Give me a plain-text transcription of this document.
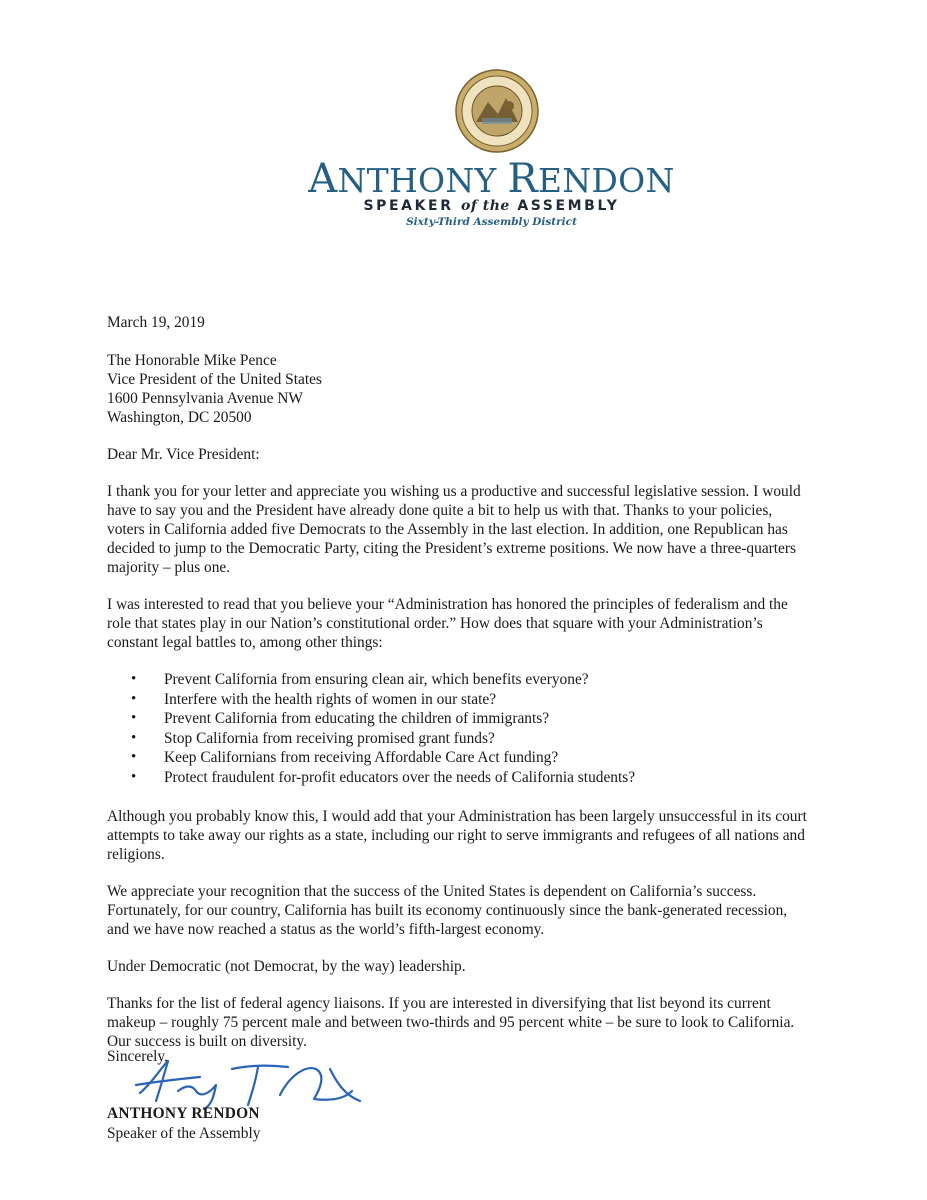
ANTHONY RENDON
SPEAKER of the ASSEMBLY
Sixty-Third Assembly District

March 19, 2019

The Honorable Mike Pence
Vice President of the United States
1600 Pennsylvania Avenue NW
Washington, DC 20500

Dear Mr. Vice President:

I thank you for your letter and appreciate you wishing us a productive and successful legislative session. I would have to say you and the President have already done quite a bit to help us with that. Thanks to your policies, voters in California added five Democrats to the Assembly in the last election. In addition, one Republican has decided to jump to the Democratic Party, citing the President’s extreme positions. We now have a three-quarters majority – plus one.

I was interested to read that you believe your “Administration has honored the principles of federalism and the role that states play in our Nation’s constitutional order.” How does that square with your Administration’s constant legal battles to, among other things:

• Prevent California from ensuring clean air, which benefits everyone?
• Interfere with the health rights of women in our state?
• Prevent California from educating the children of immigrants?
• Stop California from receiving promised grant funds?
• Keep Californians from receiving Affordable Care Act funding?
• Protect fraudulent for-profit educators over the needs of California students?

Although you probably know this, I would add that your Administration has been largely unsuccessful in its court attempts to take away our rights as a state, including our right to serve immigrants and refugees of all nations and religions.

We appreciate your recognition that the success of the United States is dependent on California’s success. Fortunately, for our country, California has built its economy continuously since the bank-generated recession, and we have now reached a status as the world’s fifth-largest economy.

Under Democratic (not Democrat, by the way) leadership.

Thanks for the list of federal agency liaisons. If you are interested in diversifying that list beyond its current makeup – roughly 75 percent male and between two-thirds and 95 percent white – be sure to look to California. Our success is built on diversity.

Sincerely,
ANTHONY RENDON
Speaker of the Assembly
